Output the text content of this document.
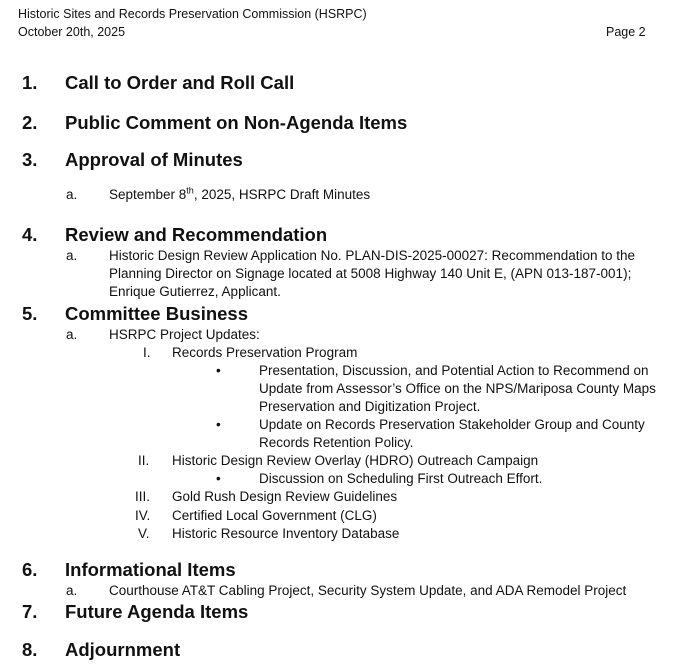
Historic Sites and Records Preservation Commission (HSRPC)
October 20th, 2025	Page 2
1. Call to Order and Roll Call
2. Public Comment on Non-Agenda Items
3. Approval of Minutes
a. September 8th, 2025, HSRPC Draft Minutes
4. Review and Recommendation
a. Historic Design Review Application No. PLAN-DIS-2025-00027: Recommendation to the
Planning Director on Signage located at 5008 Highway 140 Unit E, (APN 013-187-001);
Enrique Gutierrez, Applicant.
5. Committee Business
a. HSRPC Project Updates:
I. Records Preservation Program
•	Presentation, Discussion, and Potential Action to Recommend on
Update from Assessor’s Office on the NPS/Mariposa County Maps
Preservation and Digitization Project.
•	Update on Records Preservation Stakeholder Group and County
Records Retention Policy.
II. Historic Design Review Overlay (HDRO) Outreach Campaign
•	Discussion on Scheduling First Outreach Effort.
III. Gold Rush Design Review Guidelines
IV. Certified Local Government (CLG)
V. Historic Resource Inventory Database
6. Informational Items
a. Courthouse AT&T Cabling Project, Security System Update, and ADA Remodel Project
7. Future Agenda Items
8. Adjournment
